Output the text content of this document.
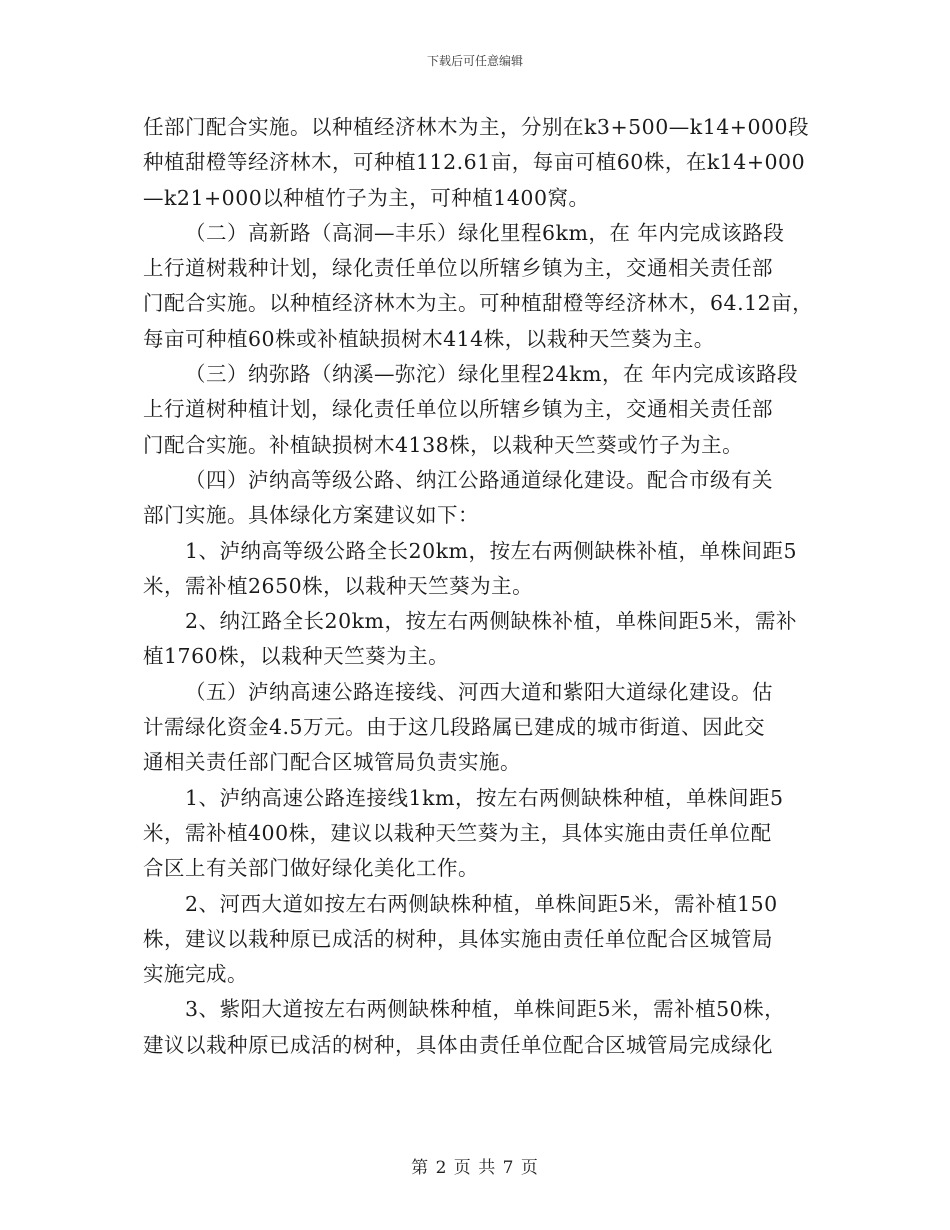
下载后可任意编辑
任部门配合实施。以种植经济林木为主，分别在k3+500—k14+000段
种植甜橙等经济林木，可种植112.61亩，每亩可植60株，在k14+000
—k21+000以种植竹子为主，可种植1400窝。
（二）高新路（高洞—丰乐）绿化里程6km，在 年内完成该路段
上行道树栽种计划，绿化责任单位以所辖乡镇为主，交通相关责任部
门配合实施。以种植经济林木为主。可种植甜橙等经济林木，64.12亩，
每亩可种植60株或补植缺损树木414株，以栽种天竺葵为主。
（三）纳弥路（纳溪—弥沱）绿化里程24km，在 年内完成该路段
上行道树种植计划，绿化责任单位以所辖乡镇为主，交通相关责任部
门配合实施。补植缺损树木4138株，以栽种天竺葵或竹子为主。
（四）泸纳高等级公路、纳江公路通道绿化建设。配合市级有关
部门实施。具体绿化方案建议如下：
1、泸纳高等级公路全长20km，按左右两侧缺株补植，单株间距5
米，需补植2650株，以栽种天竺葵为主。
2、纳江路全长20km，按左右两侧缺株补植，单株间距5米，需补
植1760株，以栽种天竺葵为主。
（五）泸纳高速公路连接线、河西大道和紫阳大道绿化建设。估
计需绿化资金4.5万元。由于这几段路属已建成的城市街道、因此交
通相关责任部门配合区城管局负责实施。
1、泸纳高速公路连接线1km，按左右两侧缺株种植，单株间距5
米，需补植400株，建议以栽种天竺葵为主，具体实施由责任单位配
合区上有关部门做好绿化美化工作。
2、河西大道如按左右两侧缺株种植，单株间距5米，需补植150
株，建议以栽种原已成活的树种，具体实施由责任单位配合区城管局
实施完成。
3、紫阳大道按左右两侧缺株种植，单株间距5米，需补植50株，
建议以栽种原已成活的树种，具体由责任单位配合区城管局完成绿化
第 2 页 共 7 页
